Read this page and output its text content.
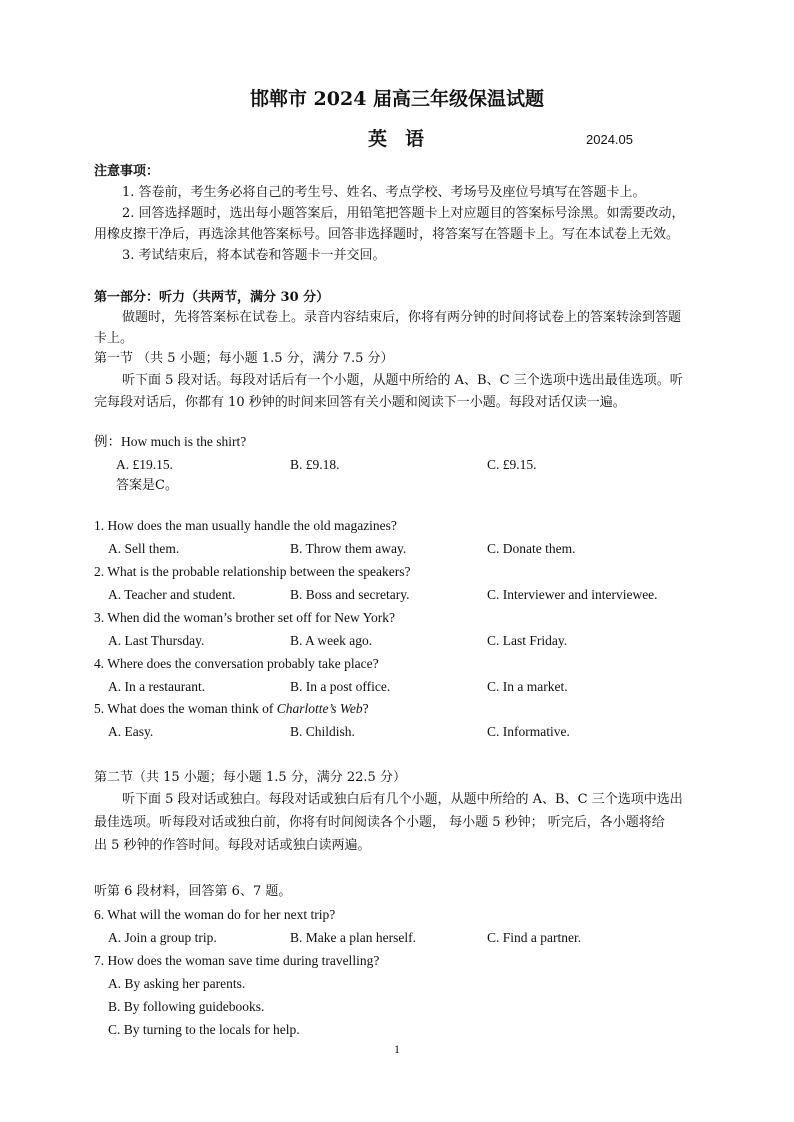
邯郸市 2024 届高三年级保温试题
英语	2024.05
注意事项：
1. 答卷前，考生务必将自己的考生号、姓名、考点学校、考场号及座位号填写在答题卡上。
2. 回答选择题时，选出每小题答案后，用铅笔把答题卡上对应题目的答案标号涂黑。如需要改动，
用橡皮擦干净后，再选涂其他答案标号。回答非选择题时，将答案写在答题卡上。写在本试卷上无效。
3. 考试结束后，将本试卷和答题卡一并交回。
第一部分：听力（共两节，满分 30 分）
做题时，先将答案标在试卷上。录音内容结束后，你将有两分钟的时间将试卷上的答案转涂到答题
卡上。
第一节 （共 5 小题；每小题 1.5 分，满分 7.5 分）
听下面 5 段对话。每段对话后有一个小题，从题中所给的 A、B、C 三个选项中选出最佳选项。听
完每段对话后，你都有 10 秒钟的时间来回答有关小题和阅读下一小题。每段对话仅读一遍。
例：How much is the shirt?
A. £19.15.	B. £9.18.	C. £9.15.
答案是C。
1. How does the man usually handle the old magazines?
A. Sell them.	B. Throw them away.	C. Donate them.
2. What is the probable relationship between the speakers?
A. Teacher and student.	B. Boss and secretary.	C. Interviewer and interviewee.
3. When did the woman’s brother set off for New York?
A. Last Thursday.	B. A week ago.	C. Last Friday.
4. Where does the conversation probably take place?
A. In a restaurant.	B. In a post office.	C. In a market.
5. What does the woman think of Charlotte’s Web?
A. Easy.	B. Childish.	C. Informative.
第二节（共 15 小题；每小题 1.5 分，满分 22.5 分）
听下面 5 段对话或独白。每段对话或独白后有几个小题，从题中所给的 A、B、C 三个选项中选出
最佳选项。听每段对话或独白前，你将有时间阅读各个小题， 每小题 5 秒钟； 听完后，各小题将给
出 5 秒钟的作答时间。每段对话或独白读两遍。
听第 6 段材料，回答第 6、7 题。
6. What will the woman do for her next trip?
A. Join a group trip.	B. Make a plan herself.	C. Find a partner.
7. How does the woman save time during travelling?
A. By asking her parents.
B. By following guidebooks.
C. By turning to the locals for help.
1
